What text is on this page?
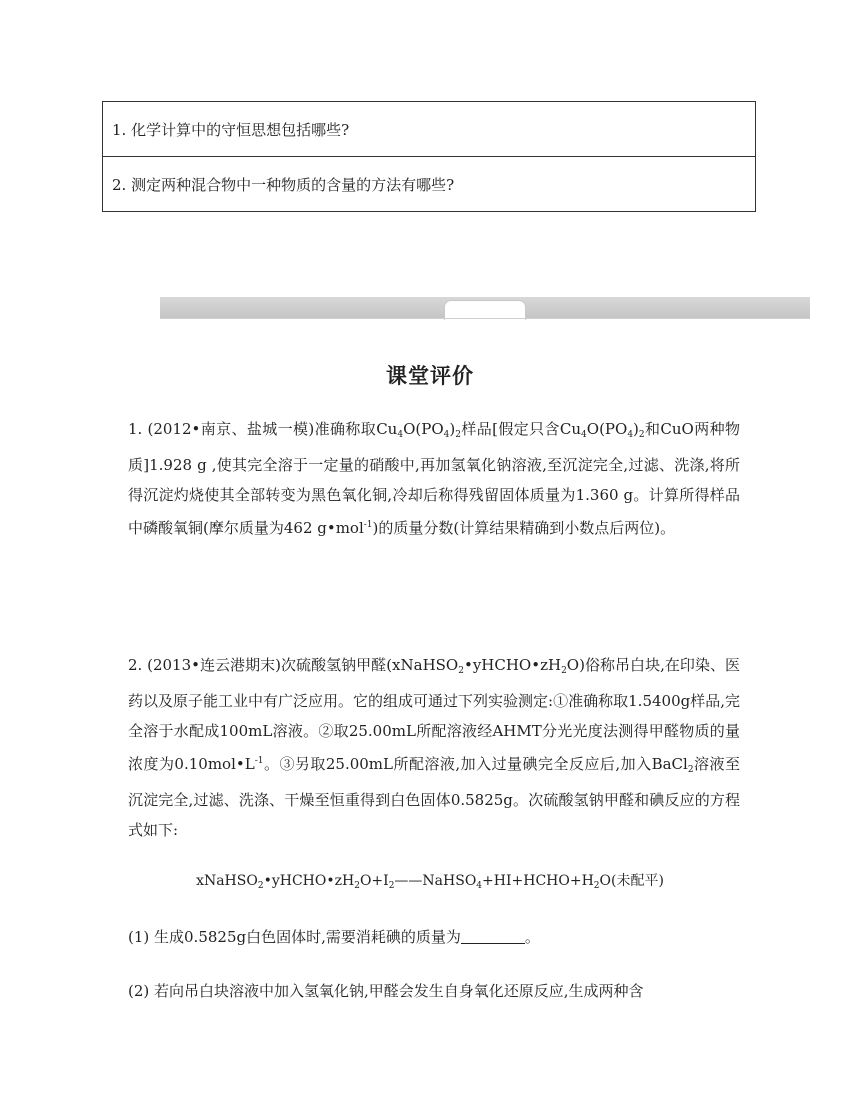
1. 化学计算中的守恒思想包括哪些?
2. 测定两种混合物中一种物质的含量的方法有哪些?
课堂评价
1. (2012•南京、盐城一模)准确称取$Cu_4O(PO_4)_2$样品[假定只含$Cu_4O(PO_4)_2$和CuO两种物质]1.928 g ,使其完全溶于一定量的硝酸中,再加氢氧化钠溶液,至沉淀完全,过滤、洗涤,将所得沉淀灼烧使其全部转变为黑色氧化铜,冷却后称得残留固体质量为1.360 g。计算所得样品中磷酸氧铜(摩尔质量为462 g•mol$^{-1}$)的质量分数(计算结果精确到小数点后两位)。
2. (2013•连云港期末)次硫酸氢钠甲醛$(xNaHSO_2•yHCHO•zH_2O)$俗称吊白块,在印染、医药以及原子能工业中有广泛应用。它的组成可通过下列实验测定:①准确称取1.5400g样品,完全溶于水配成100mL溶液。②取25.00mL所配溶液经AHMT分光光度法测得甲醛物质的量浓度为$0.10mol•L^{-1}$。③另取25.00mL所配溶液,加入过量碘完全反应后,加入BaCl$_2$溶液至沉淀完全,过滤、洗涤、干燥至恒重得到白色固体0.5825g。次硫酸氢钠甲醛和碘反应的方程式如下:
$xNaHSO_2•yHCHO•zH_2O+I_2——NaHSO_4+HI+HCHO+H_2O$(未配平)
(1) 生成0.5825g白色固体时,需要消耗碘的质量为	。
(2) 若向吊白块溶液中加入氢氧化钠,甲醛会发生自身氧化还原反应,生成两种含
